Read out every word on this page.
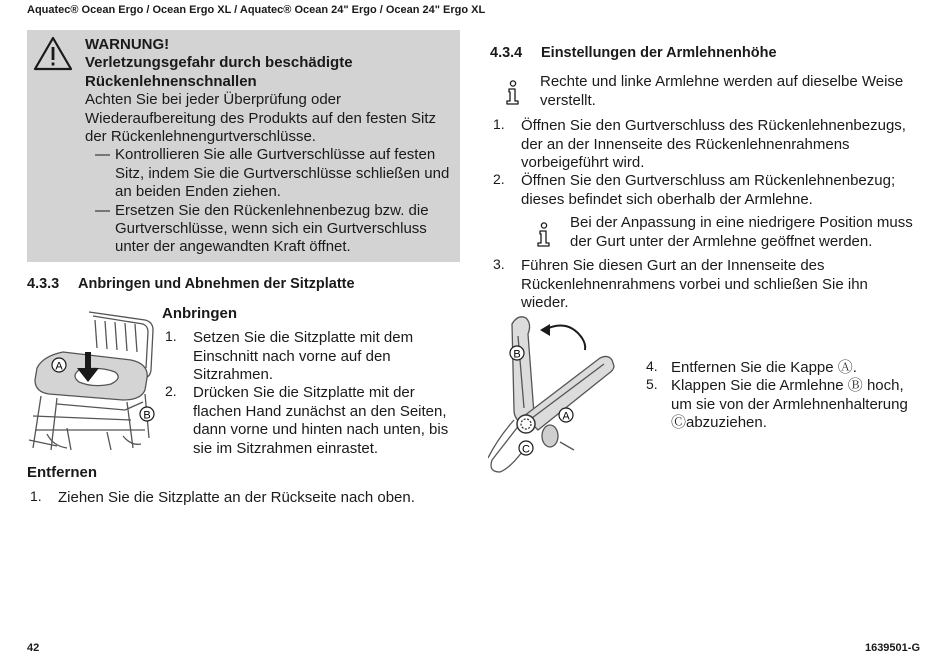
Aquatec® Ocean Ergo / Ocean Ergo XL / Aquatec® Ocean 24" Ergo / Ocean 24" Ergo XL
WARNUNG!
Verletzungsgefahr durch beschädigte
Rückenlehnenschnallen
Achten Sie bei jeder Überprüfung oder
Wiederaufbereitung des Produkts auf den festen Sitz
der Rückenlehnengurtverschlüsse.
— Kontrollieren Sie alle Gurtverschlüsse auf festen
Sitz, indem Sie die Gurtverschlüsse schließen und
an beiden Enden ziehen.
— Ersetzen Sie den Rückenlehnenbezug bzw. die
Gurtverschlüsse, wenn sich ein Gurtverschluss
unter der angewandten Kraft öffnet.
4.3.3 Anbringen und Abnehmen der Sitzplatte
A
B
Anbringen
1. Setzen Sie die Sitzplatte mit dem
Einschnitt nach vorne auf den
Sitzrahmen.
2. Drücken Sie die Sitzplatte mit der
flachen Hand zunächst an den Seiten,
dann vorne und hinten nach unten, bis
sie im Sitzrahmen einrastet.
Entfernen
1. Ziehen Sie die Sitzplatte an der Rückseite nach oben.
4.3.4 Einstellungen der Armlehnenhöhe
Rechte und linke Armlehne werden auf dieselbe Weise
verstellt.
1. Öffnen Sie den Gurtverschluss des Rückenlehnenbezugs,
der an der Innenseite des Rückenlehnenrahmens
vorbeigeführt wird.
2. Öffnen Sie den Gurtverschluss am Rückenlehnenbezug;
dieses befindet sich oberhalb der Armlehne.
Bei der Anpassung in eine niedrigere Position muss
der Gurt unter der Armlehne geöffnet werden.
3. Führen Sie diesen Gurt an der Innenseite des
Rückenlehnenrahmens vorbei und schließen Sie ihn
wieder.
B
A
C
4. Entfernen Sie die Kappe Ⓐ.
5. Klappen Sie die Armlehne Ⓑ hoch,
um sie von der Armlehnenhalterung
Ⓒabzuziehen.
42	1639501-G
